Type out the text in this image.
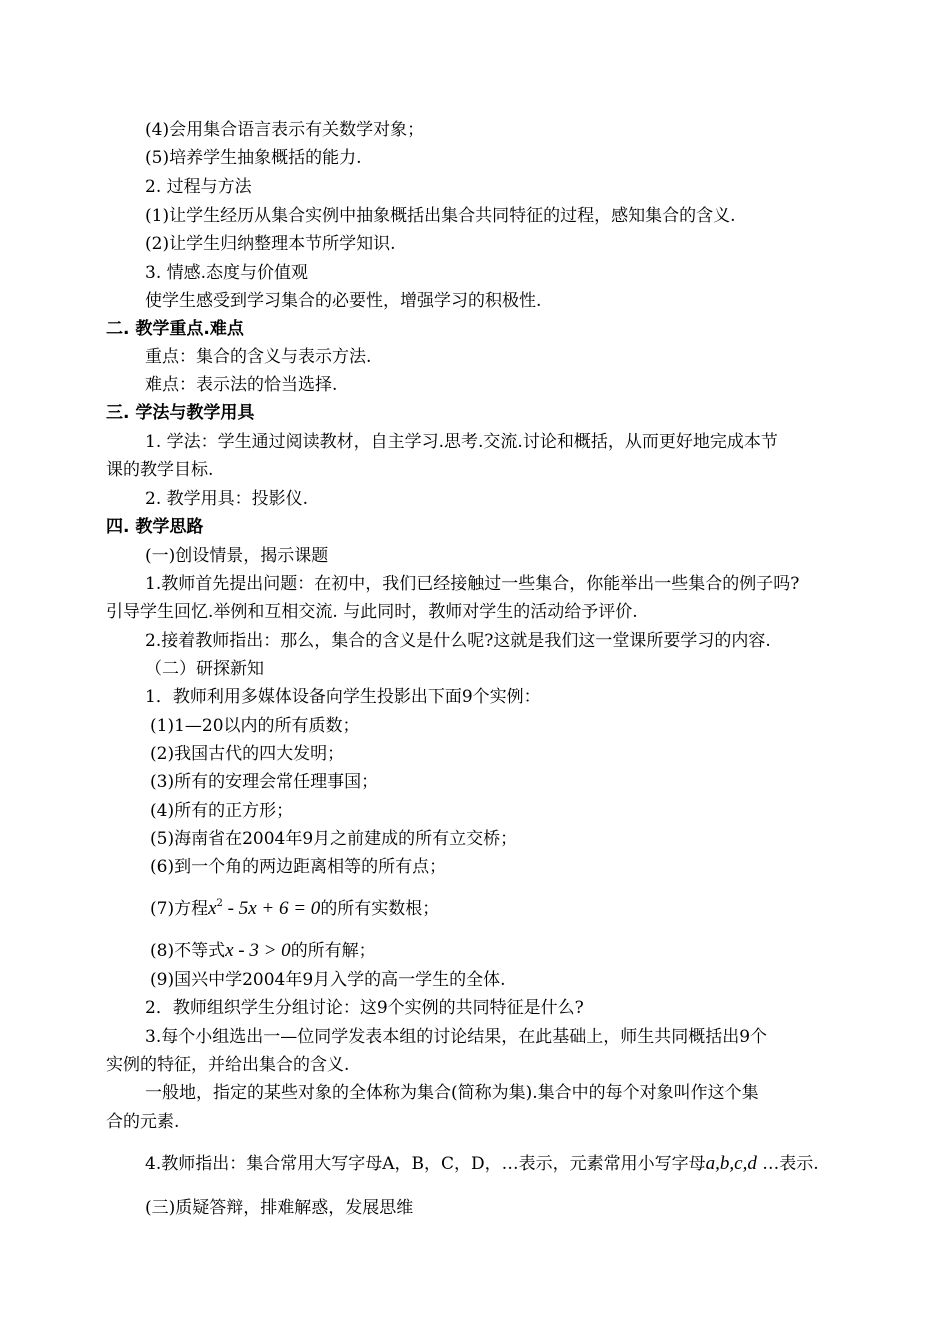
(4)会用集合语言表示有关数学对象；
(5)培养学生抽象概括的能力.
2. 过程与方法
(1)让学生经历从集合实例中抽象概括出集合共同特征的过程，感知集合的含义.
(2)让学生归纳整理本节所学知识.
3. 情感.态度与价值观
使学生感受到学习集合的必要性，增强学习的积极性.
二. 教学重点.难点
重点：集合的含义与表示方法.
难点：表示法的恰当选择.
三. 学法与教学用具
1. 学法：学生通过阅读教材，自主学习.思考.交流.讨论和概括，从而更好地完成本节
课的教学目标.
2. 教学用具：投影仪.
四. 教学思路
(一)创设情景，揭示课题
1.教师首先提出问题：在初中，我们已经接触过一些集合，你能举出一些集合的例子吗?
引导学生回忆.举例和互相交流. 与此同时，教师对学生的活动给予评价.
2.接着教师指出：那么，集合的含义是什么呢?这就是我们这一堂课所要学习的内容.
（二）研探新知
1．教师利用多媒体设备向学生投影出下面9个实例：
(1)1—20以内的所有质数；
(2)我国古代的四大发明；
(3)所有的安理会常任理事国；
(4)所有的正方形；
(5)海南省在2004年9月之前建成的所有立交桥；
(6)到一个角的两边距离相等的所有点；
(7)方程$x^2 - 5x + 6 = 0$的所有实数根；
(8)不等式x - 3 > 0的所有解；
(9)国兴中学2004年9月入学的高一学生的全体.
2．教师组织学生分组讨论：这9个实例的共同特征是什么?
3.每个小组选出一—位同学发表本组的讨论结果，在此基础上，师生共同概括出9个
实例的特征，并给出集合的含义.
一般地，指定的某些对象的全体称为集合(简称为集).集合中的每个对象叫作这个集
合的元素.
4.教师指出：集合常用大写字母A，B，C，D，…表示，元素常用小写字母a,b,c,d …表示.
(三)质疑答辩，排难解惑，发展思维
